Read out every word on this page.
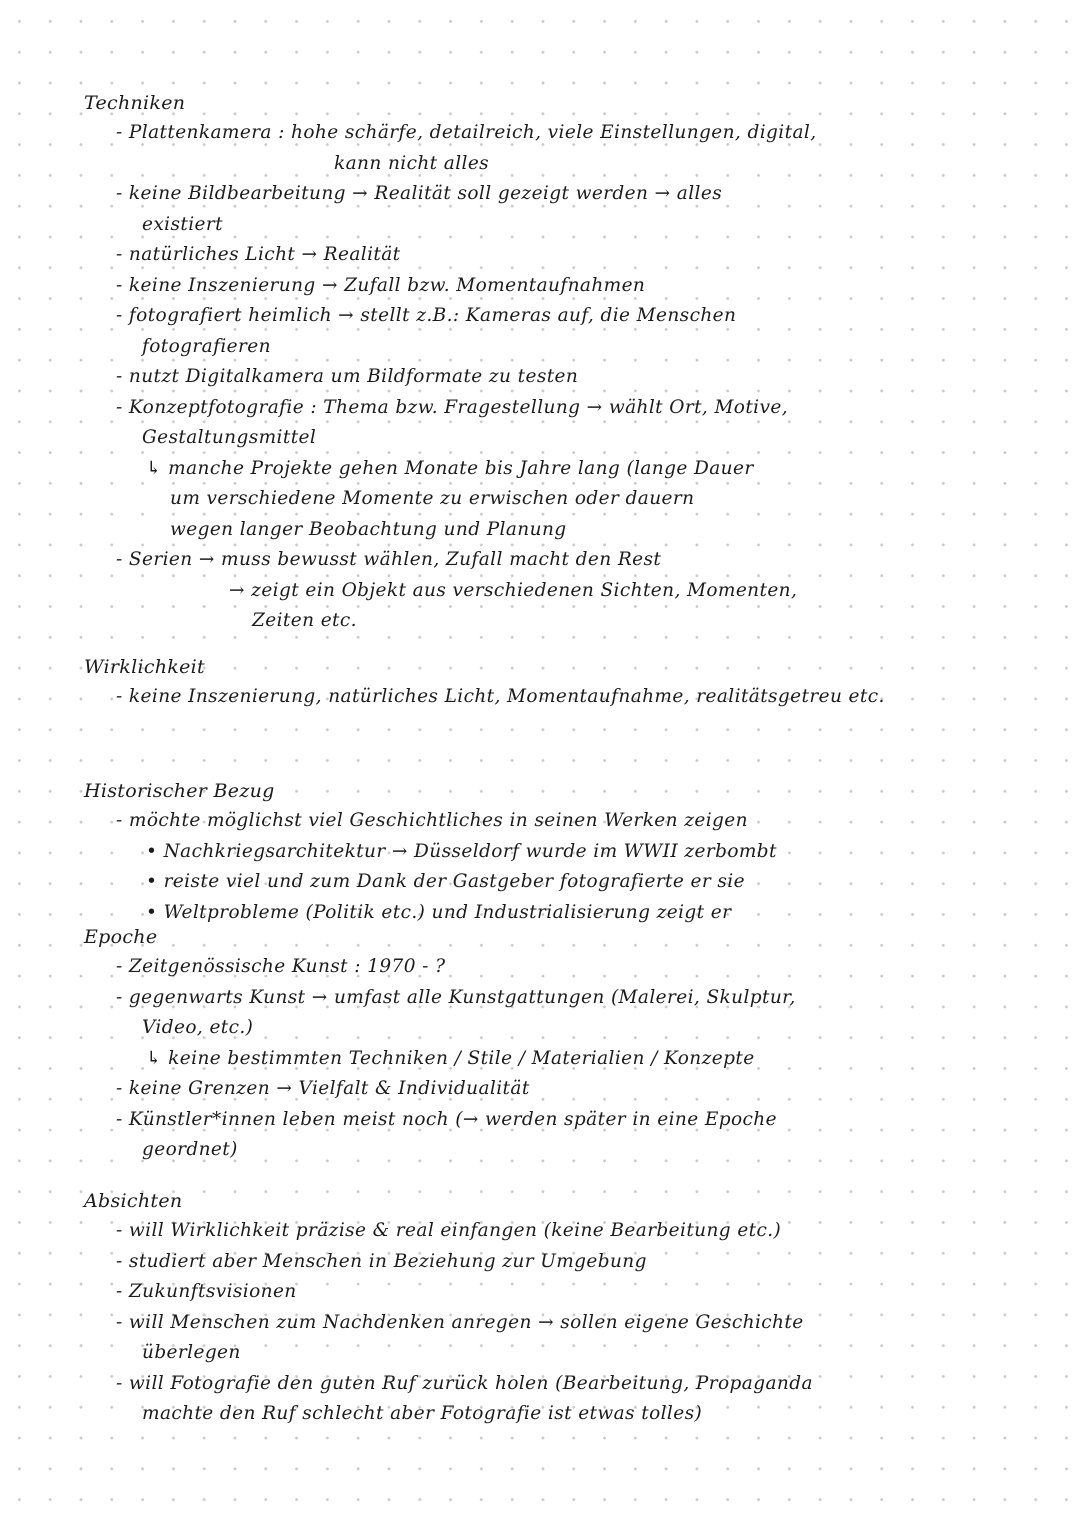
Techniken
- Plattenkamera : hohe schärfe, detailreich, viele Einstellungen, digital,
kann nicht alles
- keine Bildbearbeitung → Realität soll gezeigt werden → alles
existiert
- natürliches Licht → Realität
- keine Inszenierung → Zufall bzw. Momentaufnahmen
- fotografiert heimlich → stellt z.B.: Kameras auf, die Menschen
fotografieren
- nutzt Digitalkamera um Bildformate zu testen
- Konzeptfotografie : Thema bzw. Fragestellung → wählt Ort, Motive,
Gestaltungsmittel
↳ manche Projekte gehen Monate bis Jahre lang (lange Dauer
um verschiedene Momente zu erwischen oder dauern
wegen langer Beobachtung und Planung
- Serien → muss bewusst wählen, Zufall macht den Rest
→ zeigt ein Objekt aus verschiedenen Sichten, Momenten,
Zeiten etc.
Wirklichkeit
- keine Inszenierung, natürliches Licht, Momentaufnahme, realitätsgetreu etc.
Historischer Bezug
- möchte möglichst viel Geschichtliches in seinen Werken zeigen
• Nachkriegsarchitektur → Düsseldorf wurde im WWII zerbombt
• reiste viel und zum Dank der Gastgeber fotografierte er sie
• Weltprobleme (Politik etc.) und Industrialisierung zeigt er
Epoche
- Zeitgenössische Kunst : 1970 - ?
- gegenwarts Kunst → umfast alle Kunstgattungen (Malerei, Skulptur,
Video, etc.)
↳ keine bestimmten Techniken / Stile / Materialien / Konzepte
- keine Grenzen → Vielfalt & Individualität
- Künstler*innen leben meist noch (→ werden später in eine Epoche
geordnet)
Absichten
- will Wirklichkeit präzise & real einfangen (keine Bearbeitung etc.)
- studiert aber Menschen in Beziehung zur Umgebung
- Zukunftsvisionen
- will Menschen zum Nachdenken anregen → sollen eigene Geschichte
überlegen
- will Fotografie den guten Ruf zurück holen (Bearbeitung, Propaganda
machte den Ruf schlecht aber Fotografie ist etwas tolles)
